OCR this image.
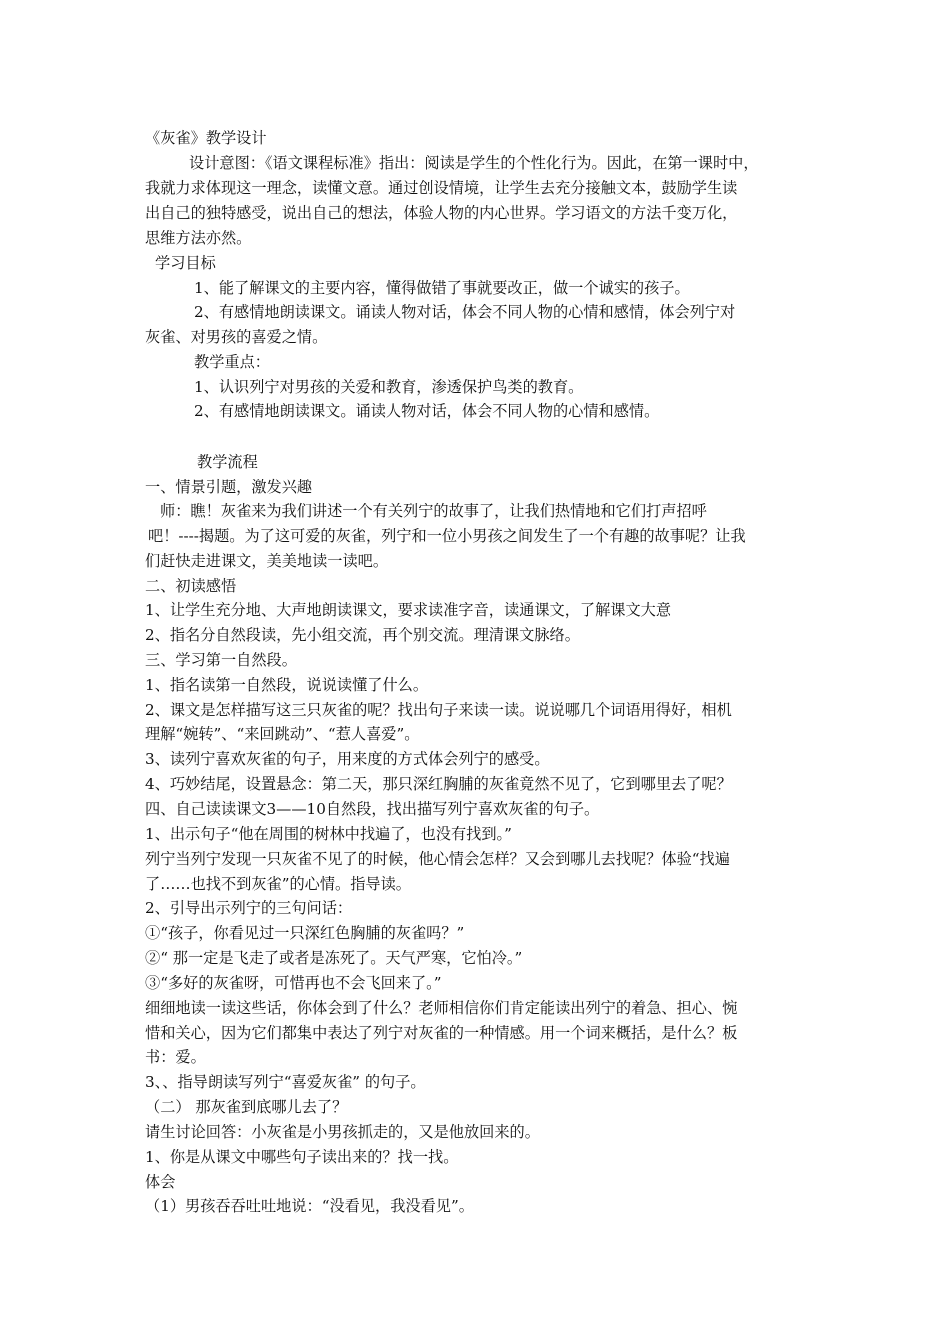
《灰雀》教学设计
设计意图：《语文课程标准》指出：阅读是学生的个性化行为。因此，在第一课时中，
我就力求体现这一理念，读懂文意。通过创设情境，让学生去充分接触文本，鼓励学生读
出自己的独特感受，说出自己的想法，体验人物的内心世界。学习语文的方法千变万化，
思维方法亦然。
学习目标
1、能了解课文的主要内容，懂得做错了事就要改正，做一个诚实的孩子。
2、有感情地朗读课文。诵读人物对话，体会不同人物的心情和感情，体会列宁对
灰雀、对男孩的喜爱之情。
教学重点：
1、认识列宁对男孩的关爱和教育，渗透保护鸟类的教育。
2、有感情地朗读课文。诵读人物对话，体会不同人物的心情和感情。
教学流程
一、情景引题，激发兴趣
师：瞧！灰雀来为我们讲述一个有关列宁的故事了，让我们热情地和它们打声招呼
吧！----揭题。为了这可爱的灰雀，列宁和一位小男孩之间发生了一个有趣的故事呢？让我
们赶快走进课文，美美地读一读吧。
二、初读感悟
1、让学生充分地、大声地朗读课文，要求读准字音，读通课文，了解课文大意
2、指名分自然段读，先小组交流，再个别交流。理清课文脉络。
三、学习第一自然段。
1、指名读第一自然段，说说读懂了什么。
2、课文是怎样描写这三只灰雀的呢？找出句子来读一读。说说哪几个词语用得好，相机
理解“婉转”、“来回跳动”、“惹人喜爱”。
3、读列宁喜欢灰雀的句子，用来度的方式体会列宁的感受。
4、巧妙结尾，设置悬念：第二天，那只深红胸脯的灰雀竟然不见了，它到哪里去了呢？
四、自己读读课文3——10自然段，找出描写列宁喜欢灰雀的句子。
1、出示句子“他在周围的树林中找遍了，也没有找到。”
列宁当列宁发现一只灰雀不见了的时候，他心情会怎样？又会到哪儿去找呢？体验“找遍
了……也找不到灰雀”的心情。指导读。
2、引导出示列宁的三句问话：
①“孩子，你看见过一只深红色胸脯的灰雀吗？”
②“ 那一定是飞走了或者是冻死了。天气严寒，它怕冷。”
③“多好的灰雀呀，可惜再也不会飞回来了。”
细细地读一读这些话，你体会到了什么？老师相信你们肯定能读出列宁的着急、担心、惋
惜和关心，因为它们都集中表达了列宁对灰雀的一种情感。用一个词来概括，是什么？板
书：爱。
3、、指导朗读写列宁“喜爱灰雀” 的句子。
（二） 那灰雀到底哪儿去了？
请生讨论回答：小灰雀是小男孩抓走的，又是他放回来的。
1、你是从课文中哪些句子读出来的？找一找。
体会
（1）男孩吞吞吐吐地说：“没看见，我没看见”。
